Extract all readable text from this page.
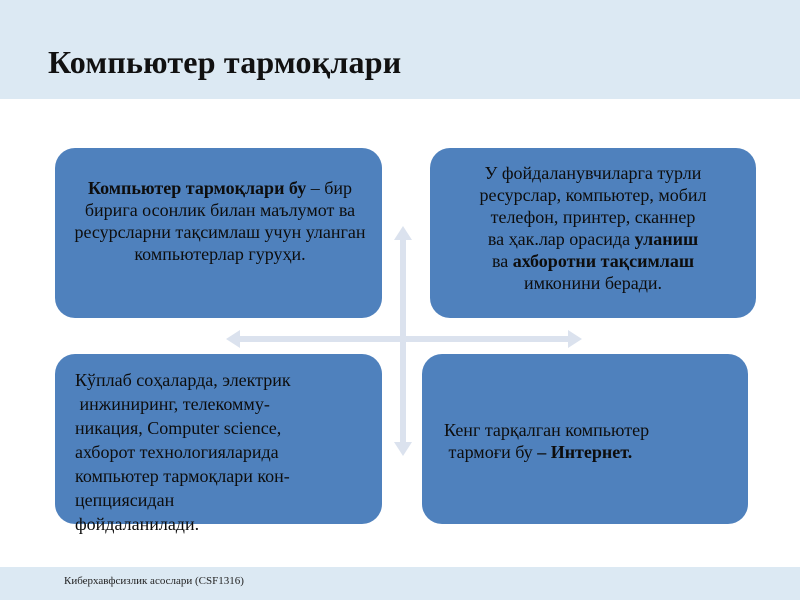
Компьютер тармоқлари
Компьютер тармоқлари бу – бир бирига осонлик билан маълумот ва ресурсларни тақсимлаш учун уланган компьютерлар гуруҳи.
У фойдаланувчиларга турли
ресурслар, компьютер, мобил
телефон, принтер, сканнер
ва ҳак.лар орасида уланиш
ва ахборотни тақсимлаш
имконини беради.
Кўплаб соҳаларда, электрик
инжиниринг, телекомму-
никация, Computer science,
ахборот технологияларида
компьютер тармоқлари кон-
цепциясидан
фойдаланилади.
Кенг тарқалган компьютер
тармоғи бу – Интернет.
Киберхавфсизлик асослари (CSF1316)
